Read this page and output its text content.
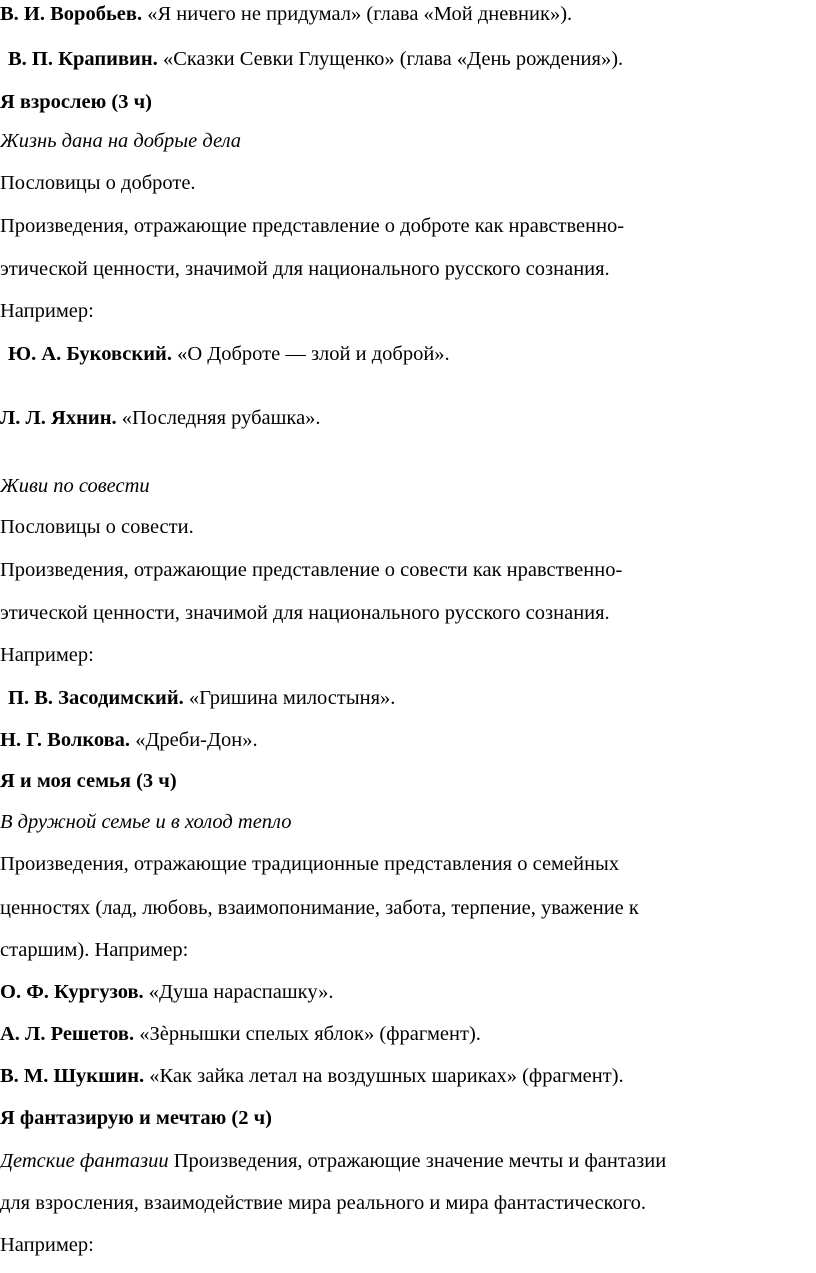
В. И. Воробьев. «Я ничего не придумал» (глава «Мой дневник»).
В. П. Крапивин. «Сказки Севки Глущенко» (глава «День рождения»).
Я взрослею (3 ч)
Жизнь дана на добрые дела
Пословицы о доброте.
Произведения, отражающие представление о доброте как нравственно-
этической ценности, значимой для национального русского сознания.
Например:
Ю. А. Буковский. «О Доброте — злой и доброй».
Л. Л. Яхнин. «Последняя рубашка».
Живи по совести
Пословицы о совести.
Произведения, отражающие представление о совести как нравственно-
этической ценности, значимой для национального русского сознания.
Например:
П. В. Засодимский. «Гришина милостыня».
Н. Г. Волкова. «Дреби-Дон».
Я и моя семья (3 ч)
В дружной семье и в холод тепло
Произведения, отражающие традиционные представления о семейных
ценностях (лад, любовь, взаимопонимание, забота, терпение, уважение к
старшим). Например:
О. Ф. Кургузов. «Душа нараспашку».
А. Л. Решетов. «Зѐрнышки спелых яблок» (фрагмент).
В. М. Шукшин. «Как зайка летал на воздушных шариках» (фрагмент).
Я фантазирую и мечтаю (2 ч)
Детские фантазии Произведения, отражающие значение мечты и фантазии
для взросления, взаимодействие мира реального и мира фантастического.
Например:
